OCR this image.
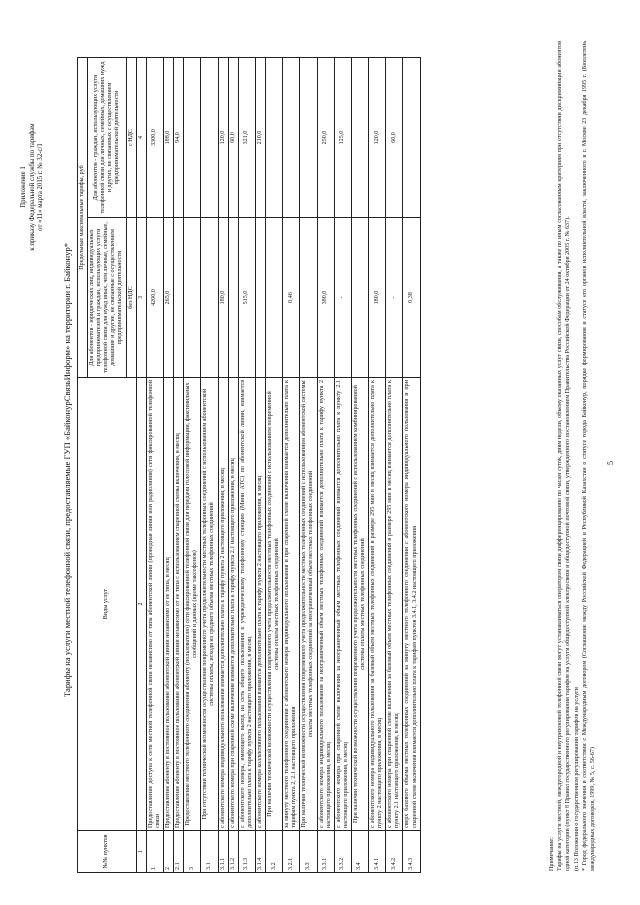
Приложение 1 к приказу Федеральной службы по тарифам от «11» марта 2015 г. № 32-с/1
Тарифы на услуги местной телефонной связи, предоставляемые ГУП «БайконурСвязьИнформ» на территории г. Байконур*
№№ пунктов	Виды услуг	Предельные максимальные тарифы, руб	
		Для абонентов - юридических лиц, индивидуальных предпринимателей и граждан, использующих услуги телефонной связи для нужд иных, чем личные, семейные, домашние и другие, не связанные с осуществлением предпринимательской деятельности	Для абонентов - граждан, использующих услуги телефонной связи для личных, семейных, домашних нужд и других, не связанных с осуществлением предпринимательской деятельности
		без НДС	с НДС
1	2	3	4
1	Предоставление доступа к сети местной телефонной связи независимо от типа абонентской линии (проводная линия или радиолиния) сети фиксированной телефонной связи	4200,0	3300,0
2	Предоставление абоненту в постоянное пользование абонентской линии независимо от ее типа, в месяц	265,0	188,0
2.1	Предоставление абоненту в постоянное пользование абонентской линии независимо от ее типа с использованием спаренной схемы включения, в месяц		94,0
3	Предоставление местного телефонного соединения абоненту (пользователю) сети фиксированной телефонной связи для передачи голосовой информации, факсимильных сообщений и данных (кроме таксофонов)		
3.1	При отсутствии технической возможности осуществления повременного учета продолжительности местных телефонных соединений с использованием абонентской системы оплаты, исходя из среднего объема местных телефонных соединений		
3.1.1	с абонентского номера индивидуального пользования взимается дополнительно плата к тарифу пункта 2 настоящего приложения, в месяц	180,0	120,0
3.1.2	с абонентского номера при спаренной схеме включения взимается дополнительно плата к тарифу пункта 2.1 настоящего приложения, в месяц		60,0
3.1.3	с абонентского номера, имеющего выход на сеть общего пользования к учрежденческому телефонному станцию (Мини АТС) по абонентской линии, взимается дополнительно плата к тарифу пункта 2 настоящего приложения, в месяц	515,0	321,0
3.1.4	с абонентского номера коллективного пользования взимается дополнительно плата к тарифу пункта 2 настоящего приложения, в месяц		210,0
3.2	При наличии технической возможности осуществления повременного учета продолжительности местных телефонных соединений с использованием повременной системы оплаты местных телефонных соединений		
3.2.1	за минуту местного телефонного соединения с абонентского номера индивидуального пользования и при спаренной схеме включения взимается дополнительно плата к тарифам пункта 2, 2.1 настоящего приложения	0,46	
3.3	При наличии технической возможности осуществления повременного учета продолжительности местных телефонных соединений с использованием абонентской системы оплаты местных телефонных соединений за неограниченный объем местных телефонных соединений		
3.3.1	с абонентского номера индивидуального пользования за неограниченный объем местных телефонных соединений взимается дополнительно плата к тарифу пункта 2 настоящего приложения, в месяц	380,0	250,0
3.3.2	с абонентского номера при спаренной схеме включения за неограниченный объем местных телефонных соединений взимается дополнительно плата к пункту 2.1 настоящего приложения, в месяц	-	125,0
3.4	При наличии технической возможности осуществления повременного учета продолжительности местных телефонных соединений с использованием комбинированной системы оплаты местных телефонных соединений		
3.4.1	с абонентского номера индивидуального пользования за базовый объем местных телефонных соединений в размере 295 мин в месяц взимается дополнительно плата к пункту 2 настоящего приложения, в месяц	180,0	120,0
3.4.2	с абонентского номера при спаренной схеме включения за базовый объем местных телефонных соединений в размере 295 мин в месяц взимается дополнительно плата к пункту 2.1 настоящего приложения, в месяц	-	60,0
3.4.3	сверх базового объема местных телефонных соединений за минуту местного телефонного соединения с абонентского номера индивидуального пользования и при спаренной схеме включения взимается дополнительно плата к тарифам пунктов 3.4.1, 3.4.2 настоящего приложения	0,38	

Примечание: Тарифы на услуги местной, междугородной и внутризоновой телефонной связи могут устанавливаться оператором связи дифференцированно по часам суток, дням недели, объему оказанных услуг связи, способам обслуживания, а также по иным согласованным критериям при отсутствии дискриминации абонентов одной категории (пункт 8 Правил государственного регулирования тарифов на услуги общедоступной электросвязи и общедоступной почтовой связи, утвержденного постановлением Правительства Российской Федерации от 24 октября 2005 г. № 637). (п.13 Положения о государственном регулировании тарифов на услуги * Город федерального значения в соответствии с Международным договором (Соглашение между Российской Федерацией и Республикой Казахстан о статусе города Байконур, порядке формирования и статусе его органов исполнительной власти, заключенного в г. Москве 23 декабря 1995 г. (Бюллетень международных договоров, 1999, № 5, с. 56-67)

5
